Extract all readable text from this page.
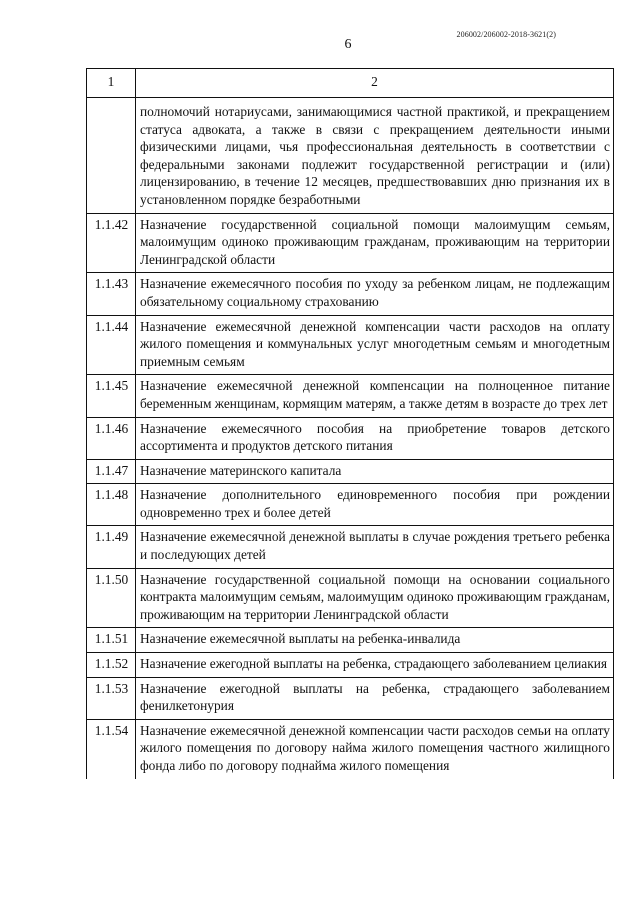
206002/206002-2018-3621(2)
6
1	2
	полномочий нотариусами, занимающимися частной практикой, и прекращением статуса адвоката, а также в связи с прекращением деятельности иными физическими лицами, чья профессиональная деятельность в соответствии с федеральными законами подлежит государственной регистрации и (или) лицензированию, в течение 12 месяцев, предшествовавших дню признания их в установленном порядке безработными
1.1.42	Назначение государственной социальной помощи малоимущим семьям, малоимущим одиноко проживающим гражданам, проживающим на территории Ленинградской области
1.1.43	Назначение ежемесячного пособия по уходу за ребенком лицам, не подлежащим обязательному социальному страхованию
1.1.44	Назначение ежемесячной денежной компенсации части расходов на оплату жилого помещения и коммунальных услуг многодетным семьям и многодетным приемным семьям
1.1.45	Назначение ежемесячной денежной компенсации на полноценное питание беременным женщинам, кормящим матерям, а также детям в возрасте до трех лет
1.1.46	Назначение ежемесячного пособия на приобретение товаров детского ассортимента и продуктов детского питания
1.1.47	Назначение материнского капитала
1.1.48	Назначение дополнительного единовременного пособия при рождении одновременно трех и более детей
1.1.49	Назначение ежемесячной денежной выплаты в случае рождения третьего ребенка и последующих детей
1.1.50	Назначение государственной социальной помощи на основании социального контракта малоимущим семьям, малоимущим одиноко проживающим гражданам, проживающим на территории Ленинградской области
1.1.51	Назначение ежемесячной выплаты на ребенка-инвалида
1.1.52	Назначение ежегодной выплаты на ребенка, страдающего заболеванием целиакия
1.1.53	Назначение ежегодной выплаты на ребенка, страдающего заболеванием фенилкетонурия
1.1.54	Назначение ежемесячной денежной компенсации части расходов семьи на оплату жилого помещения по договору найма жилого помещения частного жилищного фонда либо по договору поднайма жилого помещения
